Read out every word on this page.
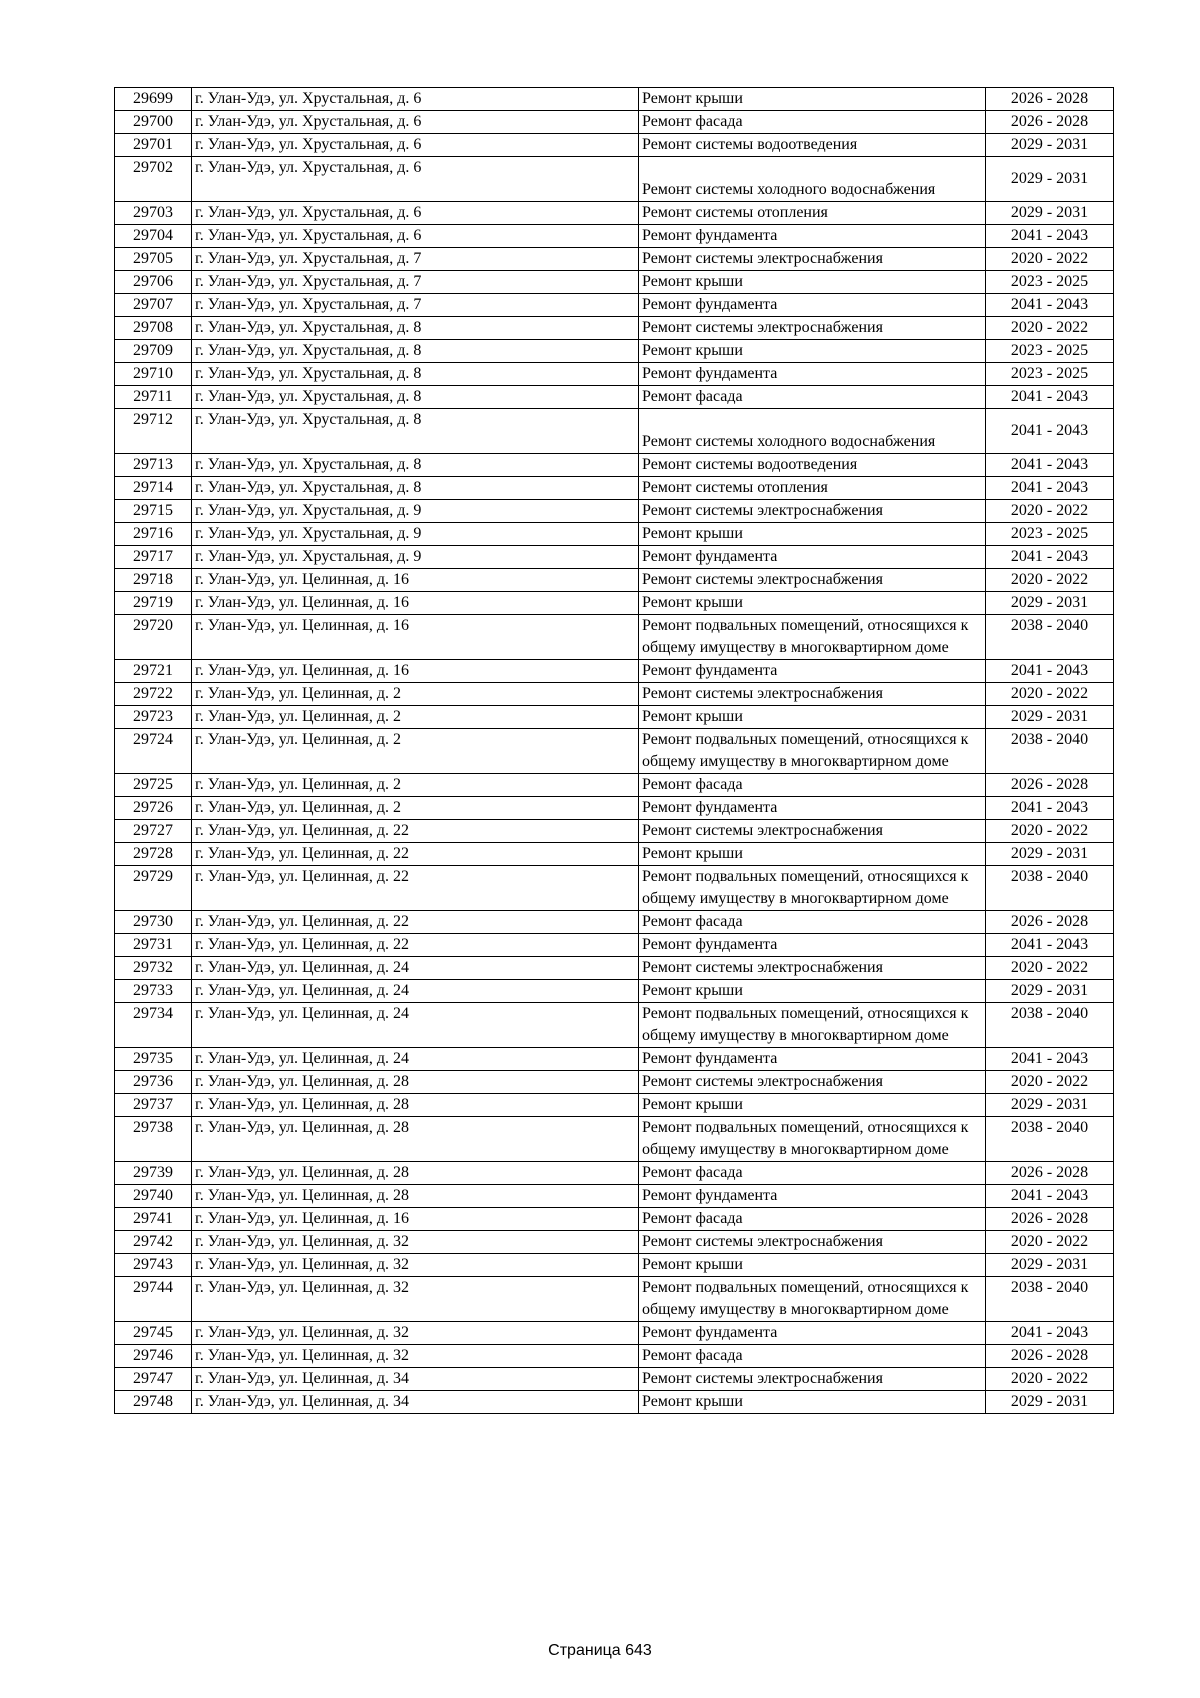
29699	г. Улан-Удэ, ул. Хрустальная, д. 6	Ремонт крыши	2026 - 2028
29700	г. Улан-Удэ, ул. Хрустальная, д. 6	Ремонт фасада	2026 - 2028
29701	г. Улан-Удэ, ул. Хрустальная, д. 6	Ремонт системы водоотведения	2029 - 2031
29702	г. Улан-Удэ, ул. Хрустальная, д. 6	Ремонт системы холодного водоснабжения	2029 - 2031
29703	г. Улан-Удэ, ул. Хрустальная, д. 6	Ремонт системы отопления	2029 - 2031
29704	г. Улан-Удэ, ул. Хрустальная, д. 6	Ремонт фундамента	2041 - 2043
29705	г. Улан-Удэ, ул. Хрустальная, д. 7	Ремонт системы электроснабжения	2020 - 2022
29706	г. Улан-Удэ, ул. Хрустальная, д. 7	Ремонт крыши	2023 - 2025
29707	г. Улан-Удэ, ул. Хрустальная, д. 7	Ремонт фундамента	2041 - 2043
29708	г. Улан-Удэ, ул. Хрустальная, д. 8	Ремонт системы электроснабжения	2020 - 2022
29709	г. Улан-Удэ, ул. Хрустальная, д. 8	Ремонт крыши	2023 - 2025
29710	г. Улан-Удэ, ул. Хрустальная, д. 8	Ремонт фундамента	2023 - 2025
29711	г. Улан-Удэ, ул. Хрустальная, д. 8	Ремонт фасада	2041 - 2043
29712	г. Улан-Удэ, ул. Хрустальная, д. 8	Ремонт системы холодного водоснабжения	2041 - 2043
29713	г. Улан-Удэ, ул. Хрустальная, д. 8	Ремонт системы водоотведения	2041 - 2043
29714	г. Улан-Удэ, ул. Хрустальная, д. 8	Ремонт системы отопления	2041 - 2043
29715	г. Улан-Удэ, ул. Хрустальная, д. 9	Ремонт системы электроснабжения	2020 - 2022
29716	г. Улан-Удэ, ул. Хрустальная, д. 9	Ремонт крыши	2023 - 2025
29717	г. Улан-Удэ, ул. Хрустальная, д. 9	Ремонт фундамента	2041 - 2043
29718	г. Улан-Удэ, ул. Целинная, д. 16	Ремонт системы электроснабжения	2020 - 2022
29719	г. Улан-Удэ, ул. Целинная, д. 16	Ремонт крыши	2029 - 2031
29720	г. Улан-Удэ, ул. Целинная, д. 16	Ремонт подвальных помещений, относящихся к общему имуществу в многоквартирном доме	2038 - 2040
29721	г. Улан-Удэ, ул. Целинная, д. 16	Ремонт фундамента	2041 - 2043
29722	г. Улан-Удэ, ул. Целинная, д. 2	Ремонт системы электроснабжения	2020 - 2022
29723	г. Улан-Удэ, ул. Целинная, д. 2	Ремонт крыши	2029 - 2031
29724	г. Улан-Удэ, ул. Целинная, д. 2	Ремонт подвальных помещений, относящихся к общему имуществу в многоквартирном доме	2038 - 2040
29725	г. Улан-Удэ, ул. Целинная, д. 2	Ремонт фасада	2026 - 2028
29726	г. Улан-Удэ, ул. Целинная, д. 2	Ремонт фундамента	2041 - 2043
29727	г. Улан-Удэ, ул. Целинная, д. 22	Ремонт системы электроснабжения	2020 - 2022
29728	г. Улан-Удэ, ул. Целинная, д. 22	Ремонт крыши	2029 - 2031
29729	г. Улан-Удэ, ул. Целинная, д. 22	Ремонт подвальных помещений, относящихся к общему имуществу в многоквартирном доме	2038 - 2040
29730	г. Улан-Удэ, ул. Целинная, д. 22	Ремонт фасада	2026 - 2028
29731	г. Улан-Удэ, ул. Целинная, д. 22	Ремонт фундамента	2041 - 2043
29732	г. Улан-Удэ, ул. Целинная, д. 24	Ремонт системы электроснабжения	2020 - 2022
29733	г. Улан-Удэ, ул. Целинная, д. 24	Ремонт крыши	2029 - 2031
29734	г. Улан-Удэ, ул. Целинная, д. 24	Ремонт подвальных помещений, относящихся к общему имуществу в многоквартирном доме	2038 - 2040
29735	г. Улан-Удэ, ул. Целинная, д. 24	Ремонт фундамента	2041 - 2043
29736	г. Улан-Удэ, ул. Целинная, д. 28	Ремонт системы электроснабжения	2020 - 2022
29737	г. Улан-Удэ, ул. Целинная, д. 28	Ремонт крыши	2029 - 2031
29738	г. Улан-Удэ, ул. Целинная, д. 28	Ремонт подвальных помещений, относящихся к общему имуществу в многоквартирном доме	2038 - 2040
29739	г. Улан-Удэ, ул. Целинная, д. 28	Ремонт фасада	2026 - 2028
29740	г. Улан-Удэ, ул. Целинная, д. 28	Ремонт фундамента	2041 - 2043
29741	г. Улан-Удэ, ул. Целинная, д. 16	Ремонт фасада	2026 - 2028
29742	г. Улан-Удэ, ул. Целинная, д. 32	Ремонт системы электроснабжения	2020 - 2022
29743	г. Улан-Удэ, ул. Целинная, д. 32	Ремонт крыши	2029 - 2031
29744	г. Улан-Удэ, ул. Целинная, д. 32	Ремонт подвальных помещений, относящихся к общему имуществу в многоквартирном доме	2038 - 2040
29745	г. Улан-Удэ, ул. Целинная, д. 32	Ремонт фундамента	2041 - 2043
29746	г. Улан-Удэ, ул. Целинная, д. 32	Ремонт фасада	2026 - 2028
29747	г. Улан-Удэ, ул. Целинная, д. 34	Ремонт системы электроснабжения	2020 - 2022
29748	г. Улан-Удэ, ул. Целинная, д. 34	Ремонт крыши	2029 - 2031
Страница 643
